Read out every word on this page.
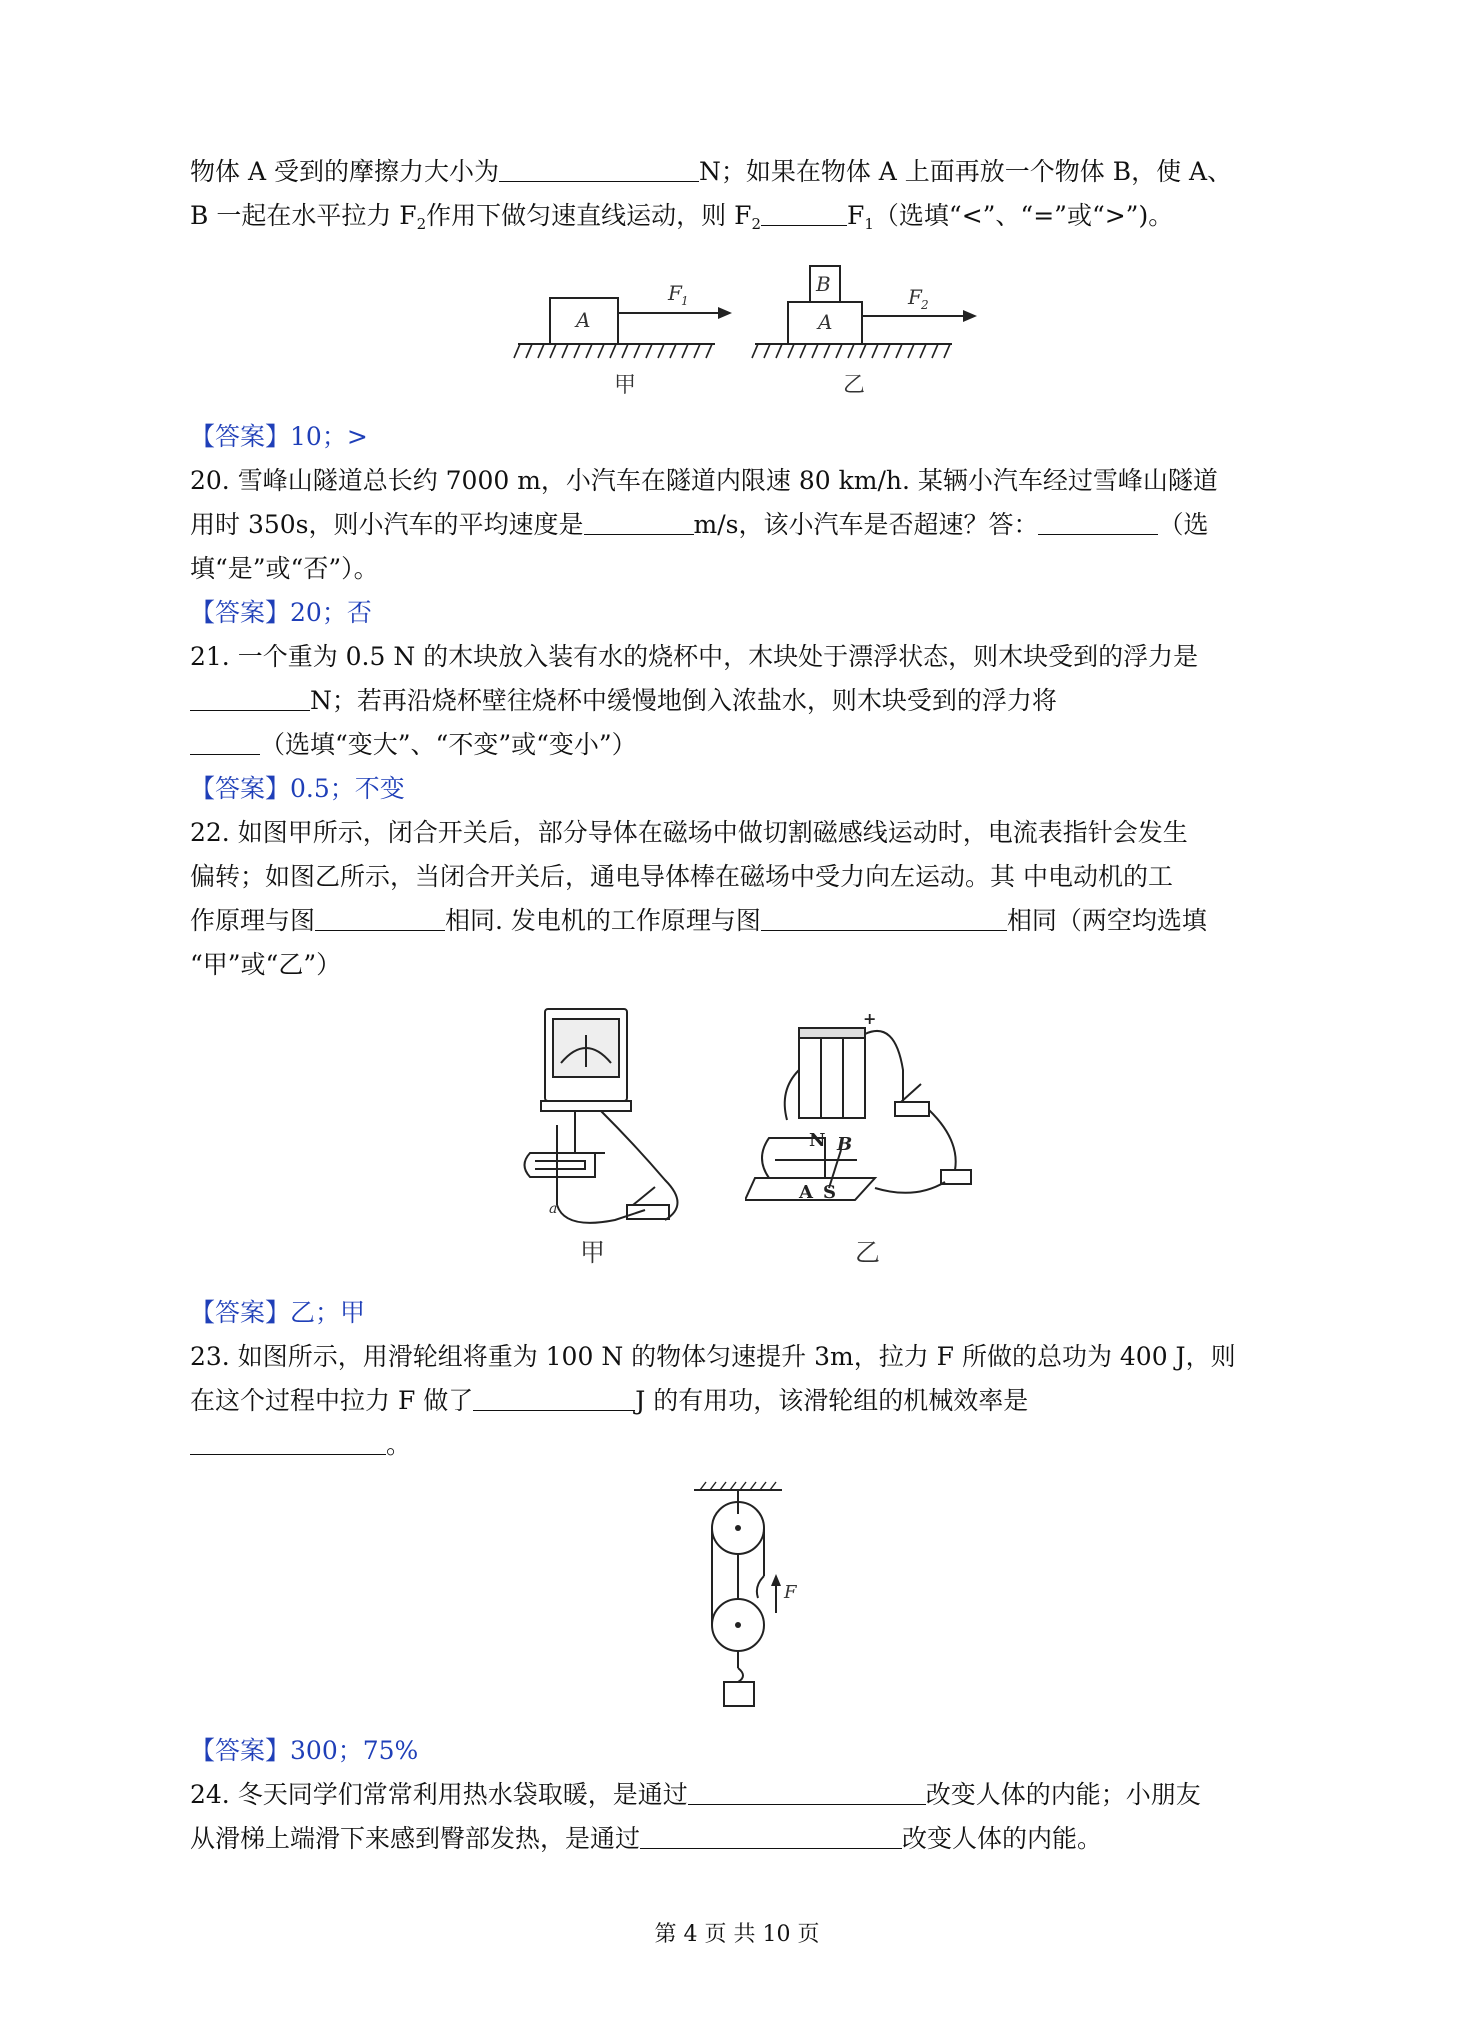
物体 A 受到的摩擦力大小为	N；如果在物体 A 上面再放一个物体 B，使 A、
B 一起在水平拉力 $F_2$作用下做匀速直线运动，则 $F_2$	$F_1$（选填“<”、“=”或“>”)。
A	A
B
F 1	F 2
甲	乙
【答案】10；>
20. 雪峰山隧道总长约 7000 m，小汽车在隧道内限速 80 km/h. 某辆小汽车经过雪峰山隧道
用时 350s，则小汽车的平均速度是	m/s，该小汽车是否超速？答：	（选
填“是”或“否”）。
【答案】20；否
21. 一个重为 0.5 N 的木块放入装有水的烧杯中，木块处于漂浮状态，则木块受到的浮力是
N；若再沿烧杯壁往烧杯中缓慢地倒入浓盐水，则木块受到的浮力将
（选填“变大”、“不变”或“变小”）
【答案】0.5；不变
22. 如图甲所示，闭合开关后，部分导体在磁场中做切割磁感线运动时，电流表指针会发生
偏转；如图乙所示，当闭合开关后，通电导体棒在磁场中受力向左运动。其 中电动机的工
作原理与图	相同. 发电机的工作原理与图	相同（两空均选填
“甲”或“乙”）
a
甲
N B
A S
+
乙
【答案】乙；甲
23. 如图所示，用滑轮组将重为 100 N 的物体匀速提升 3m，拉力 F 所做的总功为 400 J，则
在这个过程中拉力 F 做了	J 的有用功，该滑轮组的机械效率是
。
F
【答案】300；75%
24. 冬天同学们常常利用热水袋取暖，是通过	改变人体的内能；小朋友
从滑梯上端滑下来感到臀部发热，是通过	改变人体的内能。
第 4 页 共 10 页
